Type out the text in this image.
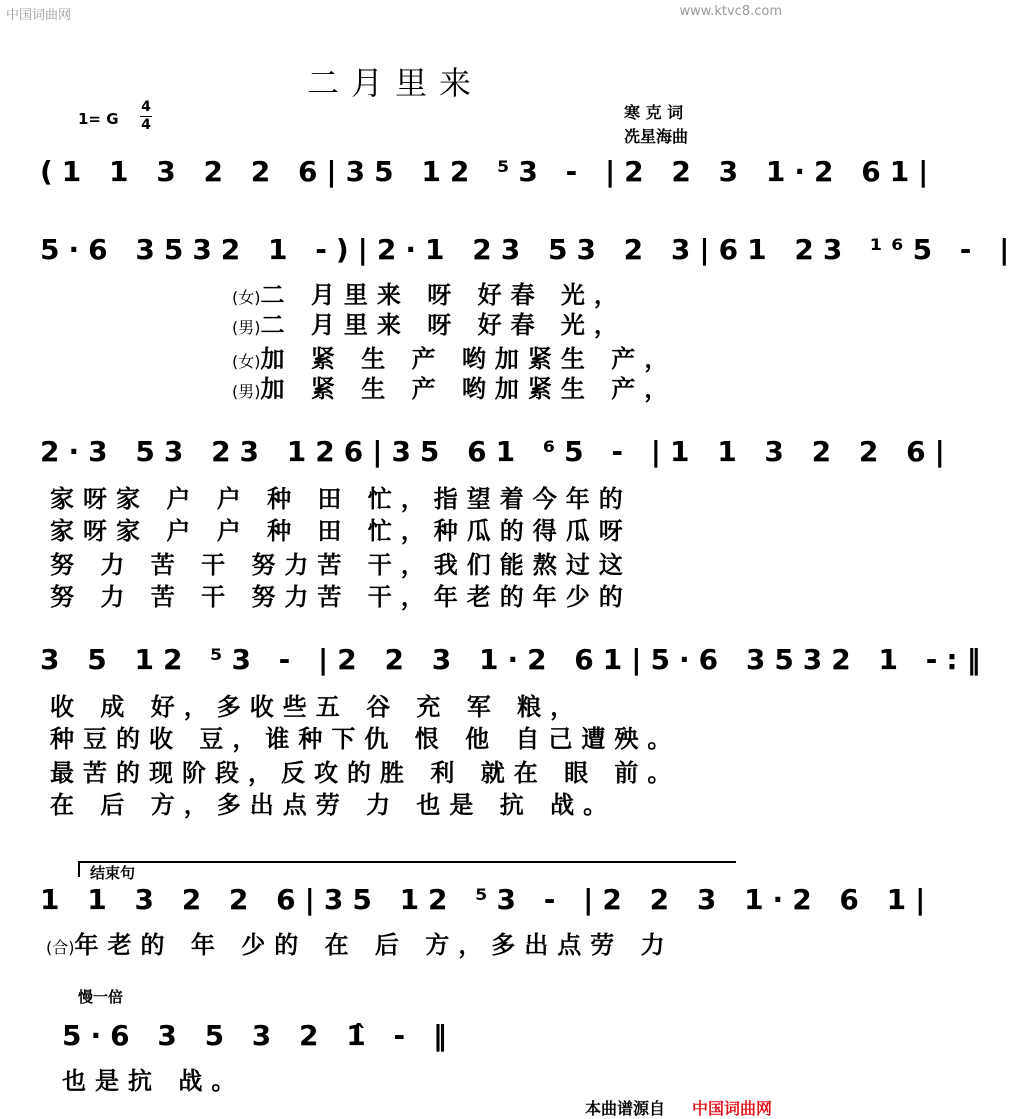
中国词曲网	www.ktvc8.com
二月里来
1= G
4
4
寒 克 词
冼星海曲
(1 1 3 2 2 6|35 12 ⁵3 - |2 2 3 1·2 61|
5·6 3532 1 -)|2·1 23 53 2 3|61 23 ¹⁶5 - |
(女)二 月里来 呀 好春 光，
(男)二 月里来 呀 好春 光，
(女)加 紧 生 产 哟加紧生 产，
(男)加 紧 生 产 哟加紧生 产，
2·3 53 23 126|35 61 ⁶5 - |1 1 3 2 2 6|
家呀家 户 户 种 田 忙，指望着今年的
家呀家 户 户 种 田 忙，种瓜的得瓜呀
努 力 苦 干 努力苦 干，我们能熬过这
努 力 苦 干 努力苦 干，年老的年少的
3 5 12 ⁵3 - |2 2 3 1·2 61|5·6 3532 1 -:‖
收 成 好，多收些五 谷 充 军 粮，
种豆的收 豆，谁种下仇 恨 他 自己遭殃。
最苦的现阶段，反攻的胜 利 就在 眼 前。
在 后 方，多出点劳 力 也是 抗 战。
结束句
1 1 3 2 2 6|35 12 ⁵3 - |2 2 3 1·2 6 1|
(合)年老的 年 少的 在 后 方，多出点劳 力
慢一倍
5·6 3 5 3 2 1̂ - ‖
也是抗 战。
本曲谱源自 中国词曲网
